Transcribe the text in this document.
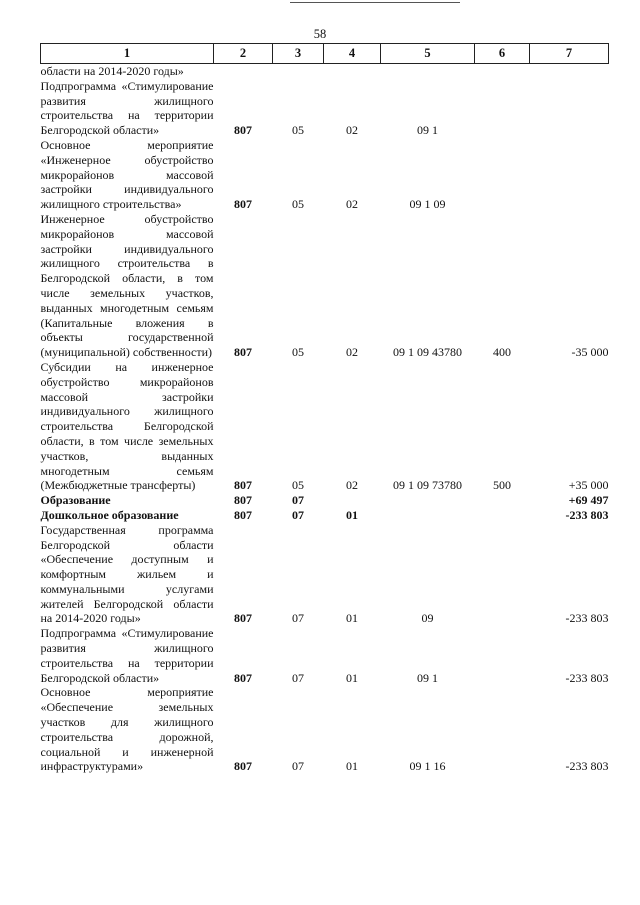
58
1	2	3	4	5	6	7
области на 2014-2020 годы»						
Подпрограмма «Стимулирование развития жилищного строительства на территории Белгородской области»	807	05	02	09 1		
Основное мероприятие «Инженерное обустройство микрорайонов массовой застройки индивидуального жилищного строительства»	807	05	02	09 1 09		
Инженерное обустройство микрорайонов массовой застройки индивидуального жилищного строительства в Белгородской области, в том числе земельных участков, выданных многодетным семьям (Капитальные вложения в объекты государственной (муниципальной) собственности)	807	05	02	09 1 09 43780	400	-35 000
Субсидии на инженерное обустройство микрорайонов массовой застройки индивидуального жилищного строительства Белгородской области, в том числе земельных участков, выданных многодетным семьям (Межбюджетные трансферты)	807	05	02	09 1 09 73780	500	+35 000
Образование	807	07				+69 497
Дошкольное образование	807	07	01			-233 803
Государственная программа Белгородской области «Обеспечение доступным и комфортным жильем и коммунальными услугами жителей Белгородской области на 2014-2020 годы»	807	07	01	09		-233 803
Подпрограмма «Стимулирование развития жилищного строительства на территории Белгородской области»	807	07	01	09 1		-233 803
Основное мероприятие «Обеспечение земельных участков для жилищного строительства дорожной, социальной и инженерной инфраструктурами»	807	07	01	09 1 16		-233 803
